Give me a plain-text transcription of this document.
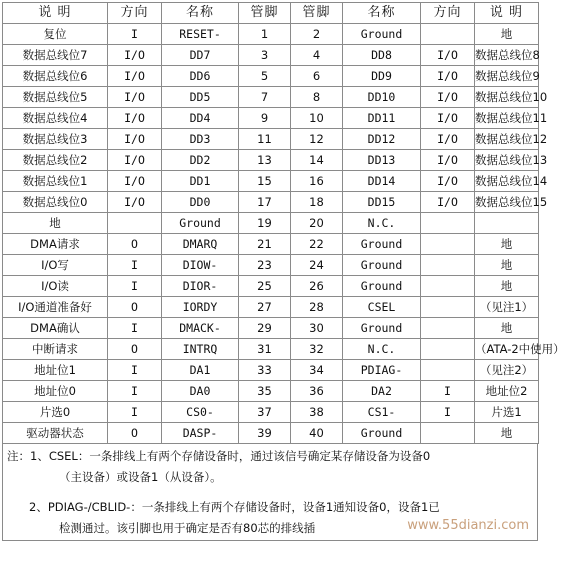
说 明	方向	名称	管脚	管脚	名称	方向	说 明
复位	I	RESET-	1	2	Ground		地
数据总线位7	I/O	DD7	3	4	DD8	I/O	数据总线位8
数据总线位6	I/O	DD6	5	6	DD9	I/O	数据总线位9
数据总线位5	I/O	DD5	7	8	DD10	I/O	数据总线位10
数据总线位4	I/O	DD4	9	10	DD11	I/O	数据总线位11
数据总线位3	I/O	DD3	11	12	DD12	I/O	数据总线位12
数据总线位2	I/O	DD2	13	14	DD13	I/O	数据总线位13
数据总线位1	I/O	DD1	15	16	DD14	I/O	数据总线位14
数据总线位0	I/O	DD0	17	18	DD15	I/O	数据总线位15
地		Ground	19	20	N.C.		
DMA请求	O	DMARQ	21	22	Ground		地
I/O写	I	DIOW-	23	24	Ground		地
I/O读	I	DIOR-	25	26	Ground		地
I/O通道准备好	O	IORDY	27	28	CSEL		（见注1）
DMA确认	I	DMACK-	29	30	Ground		地
中断请求	O	INTRQ	31	32	N.C.		（ATA-2中使用）
地址位1	I	DA1	33	34	PDIAG-		（见注2）
地址位0	I	DA0	35	36	DA2	I	地址位2
片选0	I	CS0-	37	38	CS1-	I	片选1
驱动器状态	O	DASP-	39	40	Ground		地
注：1、CSEL：一条排线上有两个存储设备时，通过该信号确定某存储设备为设备0
（主设备）或设备1（从设备）。
2、PDIAG-/CBLID-：一条排线上有两个存储设备时，设备1通知设备0，设备1已
检测通过。该引脚也用于确定是否有80芯的排线插	www.55dianzi.com
